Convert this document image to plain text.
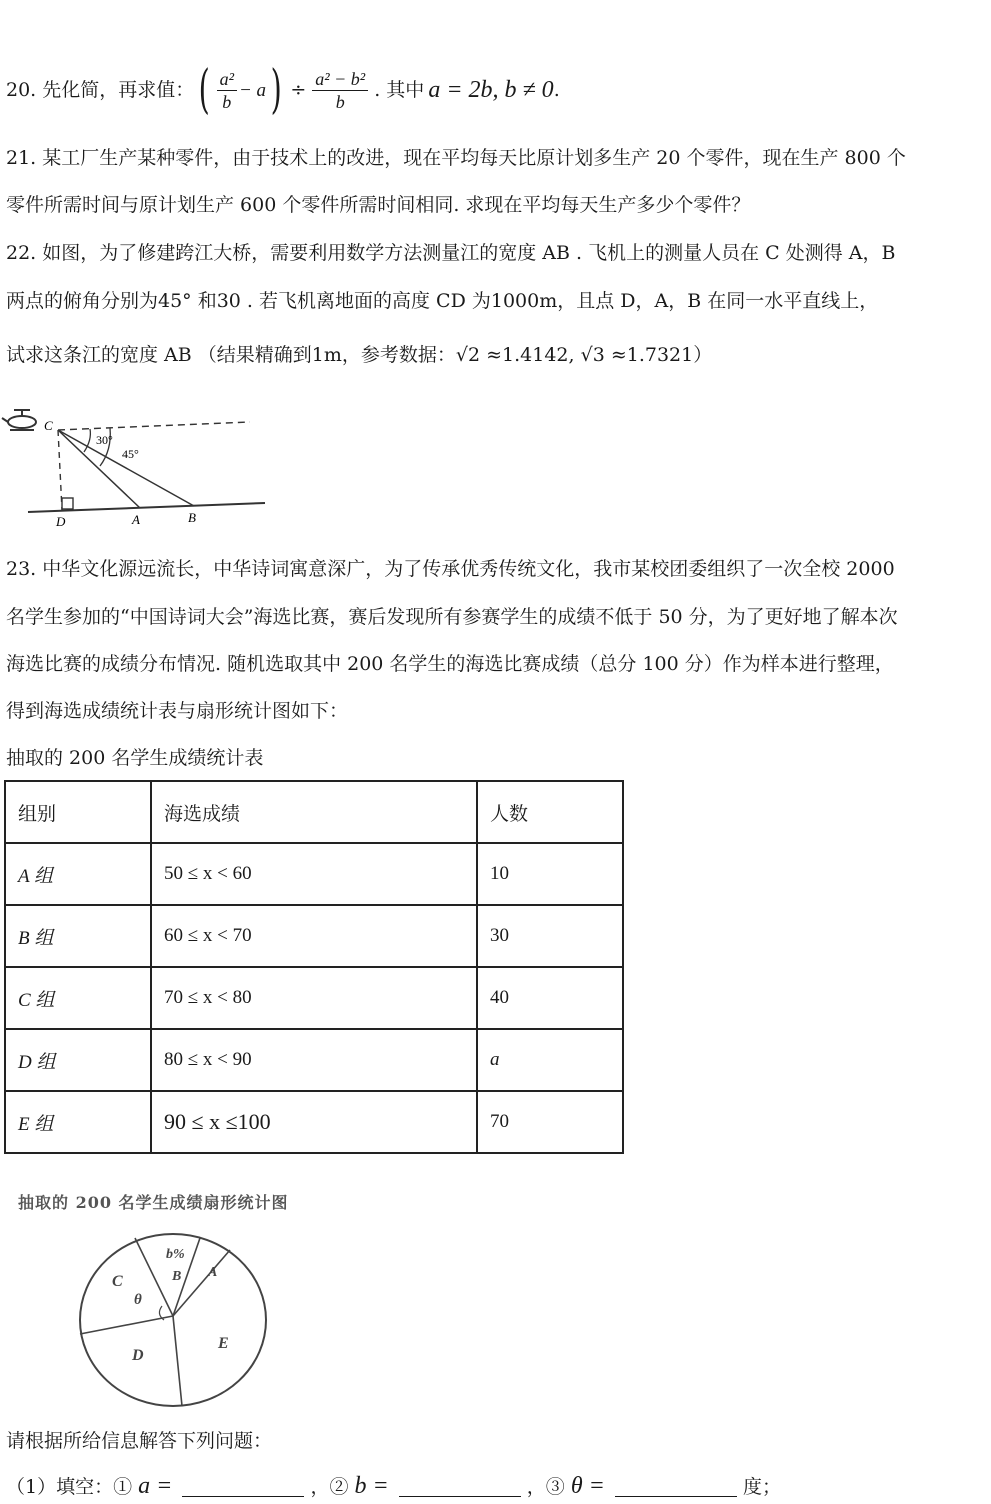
20. 先化简，再求值： ( $\frac{\text{a²}}{b} - a$ ) ÷ $\frac{\text{a² − b²}}{b}$ . 其中 a = 2b, b ≠ 0 .
21. 某工厂生产某种零件，由于技术上的改进，现在平均每天比原计划多生产 20 个零件，现在生产 800 个
零件所需时间与原计划生产 600 个零件所需时间相同. 求现在平均每天生产多少个零件？
22. 如图，为了修建跨江大桥，需要利用数学方法测量江的宽度 AB . 飞机上的测量人员在 C 处测得 A，B
两点的俯角分别为45° 和30 . 若飞机离地面的高度 CD 为1000m，且点 D，A，B 在同一水平直线上，
试求这条江的宽度 AB （结果精确到1m，参考数据：√2 ≈1.4142, √3 ≈1.7321）
C
30°
45°
D	A	B
23. 中华文化源远流长，中华诗词寓意深广，为了传承优秀传统文化，我市某校团委组织了一次全校 2000
名学生参加的“中国诗词大会”海选比赛，赛后发现所有参赛学生的成绩不低于 50 分，为了更好地了解本次
海选比赛的成绩分布情况. 随机选取其中 200 名学生的海选比赛成绩（总分 100 分）作为样本进行整理，
得到海选成绩统计表与扇形统计图如下：
抽取的 200 名学生成绩统计表
组别	海选成绩	人数
A 组	50 ≤ x < 60	10
B 组	60 ≤ x < 70	30
C 组	70 ≤ x < 80	40
D 组	80 ≤ x < 90	a
E 组	90 ≤ x ≤100	70
抽取的 200 名学生成绩扇形统计图
b%
B A
C
θ
D
E
请根据所给信息解答下列问题：
（1）填空：① a =	，② b =	，③ θ =	度；
